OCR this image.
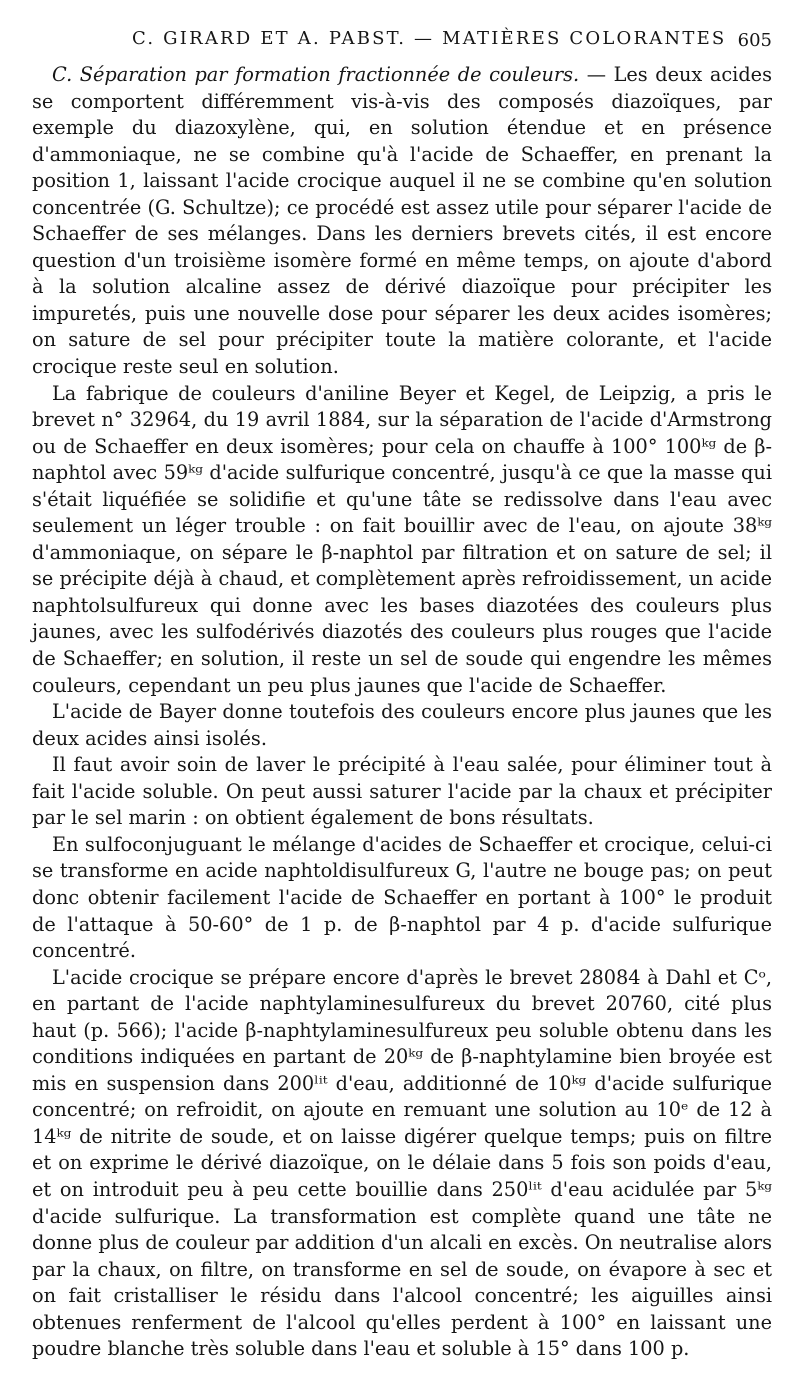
C. GIRARD ET A. PABST. — MATIÈRES COLORANTES 605

C. Séparation par formation fractionnée de couleurs. — Les deux acides se comportent différemment vis-à-vis des composés diazoïques, par exemple du diazoxylène, qui, en solution étendue et en présence d'ammoniaque, ne se combine qu'à l'acide de Schaeffer, en prenant la position 1, laissant l'acide crocique auquel il ne se combine qu'en solution concentrée (G. Schultze); ce procédé est assez utile pour séparer l'acide de Schaeffer de ses mélanges. Dans les derniers brevets cités, il est encore question d'un troisième isomère formé en même temps, on ajoute d'abord à la solution alcaline assez de dérivé diazoïque pour précipiter les impuretés, puis une nouvelle dose pour séparer les deux acides isomères; on sature de sel pour précipiter toute la matière colorante, et l'acide crocique reste seul en solution.

La fabrique de couleurs d'aniline Beyer et Kegel, de Leipzig, a pris le brevet n° 32964, du 19 avril 1884, sur la séparation de l'acide d'Armstrong ou de Schaeffer en deux isomères; pour cela on chauffe à 100° 100ᵏᵍ de β-naphtol avec 59ᵏᵍ d'acide sulfurique concentré, jusqu'à ce que la masse qui s'était liquéfiée se solidifie et qu'une tâte se redissolve dans l'eau avec seulement un léger trouble : on fait bouillir avec de l'eau, on ajoute 38ᵏᵍ d'ammoniaque, on sépare le β-naphtol par filtration et on sature de sel; il se précipite déjà à chaud, et complètement après refroidissement, un acide naphtolsulfureux qui donne avec les bases diazotées des couleurs plus jaunes, avec les sulfodérivés diazotés des couleurs plus rouges que l'acide de Schaeffer; en solution, il reste un sel de soude qui engendre les mêmes couleurs, cependant un peu plus jaunes que l'acide de Schaeffer.

L'acide de Bayer donne toutefois des couleurs encore plus jaunes que les deux acides ainsi isolés.

Il faut avoir soin de laver le précipité à l'eau salée, pour éliminer tout à fait l'acide soluble. On peut aussi saturer l'acide par la chaux et précipiter par le sel marin : on obtient également de bons résultats.

En sulfoconjuguant le mélange d'acides de Schaeffer et crocique, celui-ci se transforme en acide naphtoldisulfureux G, l'autre ne bouge pas; on peut donc obtenir facilement l'acide de Schaeffer en portant à 100° le produit de l'attaque à 50-60° de 1 p. de β-naphtol par 4 p. d'acide sulfurique concentré.

L'acide crocique se prépare encore d'après le brevet 28084 à Dahl et Cᵒ, en partant de l'acide naphtylaminesulfureux du brevet 20760, cité plus haut (p. 566); l'acide β-naphtylaminesulfureux peu soluble obtenu dans les conditions indiquées en partant de 20ᵏᵍ de β-naphtylamine bien broyée est mis en suspension dans 200ˡⁱᵗ d'eau, additionné de 10ᵏᵍ d'acide sulfurique concentré; on refroidit, on ajoute en remuant une solution au 10ᵉ de 12 à 14ᵏᵍ de nitrite de soude, et on laisse digérer quelque temps; puis on filtre et on exprime le dérivé diazoïque, on le délaie dans 5 fois son poids d'eau, et on introduit peu à peu cette bouillie dans 250ˡⁱᵗ d'eau acidulée par 5ᵏᵍ d'acide sulfurique. La transformation est complète quand une tâte ne donne plus de couleur par addition d'un alcali en excès. On neutralise alors par la chaux, on filtre, on transforme en sel de soude, on évapore à sec et on fait cristalliser le résidu dans l'alcool concentré; les aiguilles ainsi obtenues renferment de l'alcool qu'elles perdent à 100° en laissant une poudre blanche très soluble dans l'eau et soluble à 15° dans 100 p.
